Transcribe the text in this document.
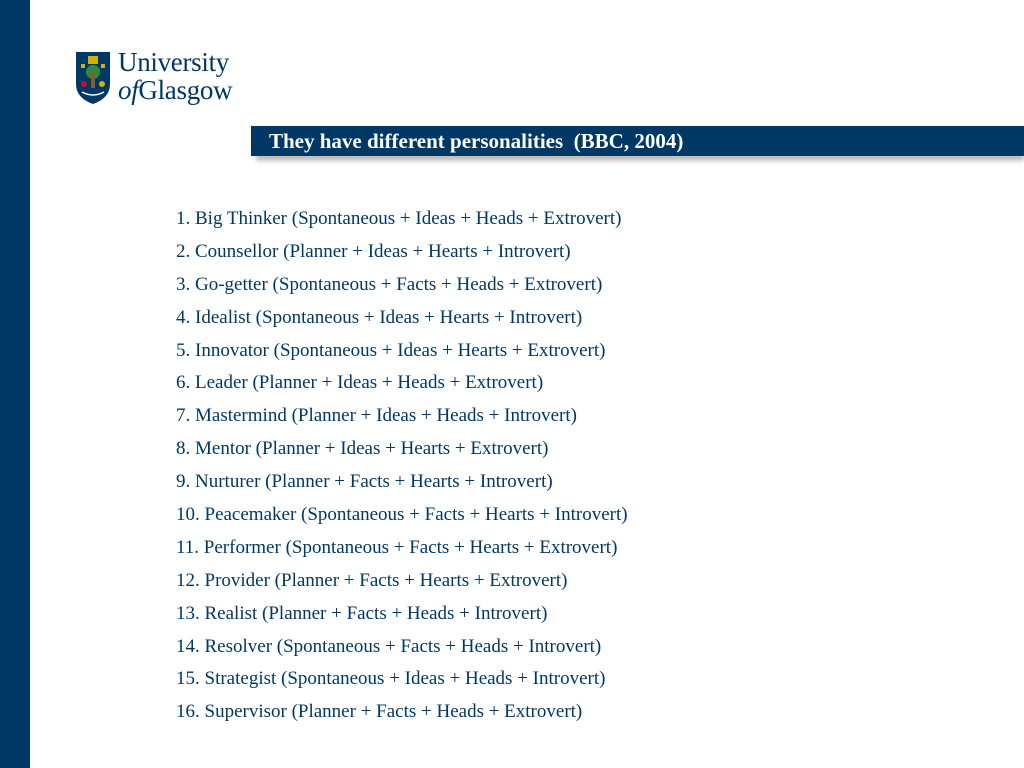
University
ofGlasgow
They have different personalities  (BBC, 2004)
1. Big Thinker (Spontaneous + Ideas + Heads + Extrovert)
2. Counsellor (Planner + Ideas + Hearts + Introvert)
3. Go-getter (Spontaneous + Facts + Heads + Extrovert)
4. Idealist (Spontaneous + Ideas + Hearts + Introvert)
5. Innovator (Spontaneous + Ideas + Hearts + Extrovert)
6. Leader (Planner + Ideas + Heads + Extrovert)
7. Mastermind (Planner + Ideas + Heads + Introvert)
8. Mentor (Planner + Ideas + Hearts + Extrovert)
9. Nurturer (Planner + Facts + Hearts + Introvert)
10. Peacemaker (Spontaneous + Facts + Hearts + Introvert)
11. Performer (Spontaneous + Facts + Hearts + Extrovert)
12. Provider (Planner + Facts + Hearts + Extrovert)
13. Realist (Planner + Facts + Heads + Introvert)
14. Resolver (Spontaneous + Facts + Heads + Introvert)
15. Strategist (Spontaneous + Ideas + Heads + Introvert)
16. Supervisor (Planner + Facts + Heads + Extrovert)
